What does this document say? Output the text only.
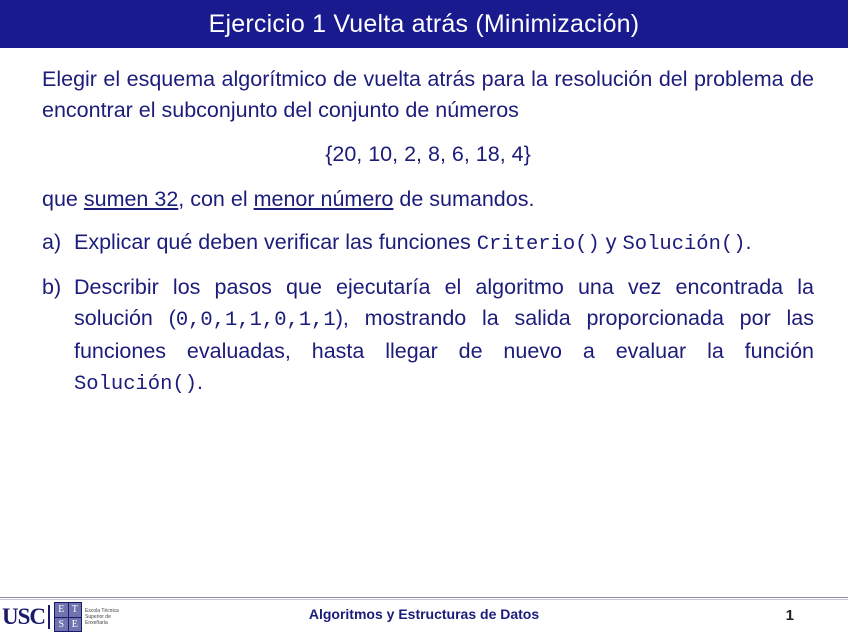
Ejercicio 1 Vuelta atrás (Minimización)

Elegir el esquema algorítmico de vuelta atrás para la resolución del problema de encontrar el subconjunto del conjunto de números

{20, 10, 2, 8, 6, 18, 4}

que sumen 32, con el menor número de sumandos.

a) Explicar qué deben verificar las funciones Criterio() y Solución().
b) Describir los pasos que ejecutaría el algoritmo una vez encontrada la solución (0,0,1,1,0,1,1), mostrando la salida proporcionada por las funciones evaluadas, hasta llegar de nuevo a evaluar la función Solución().
USC	E T
S E
Escola Técnica Superior de Enxeñaría
Algoritmos y Estructuras de Datos	1
